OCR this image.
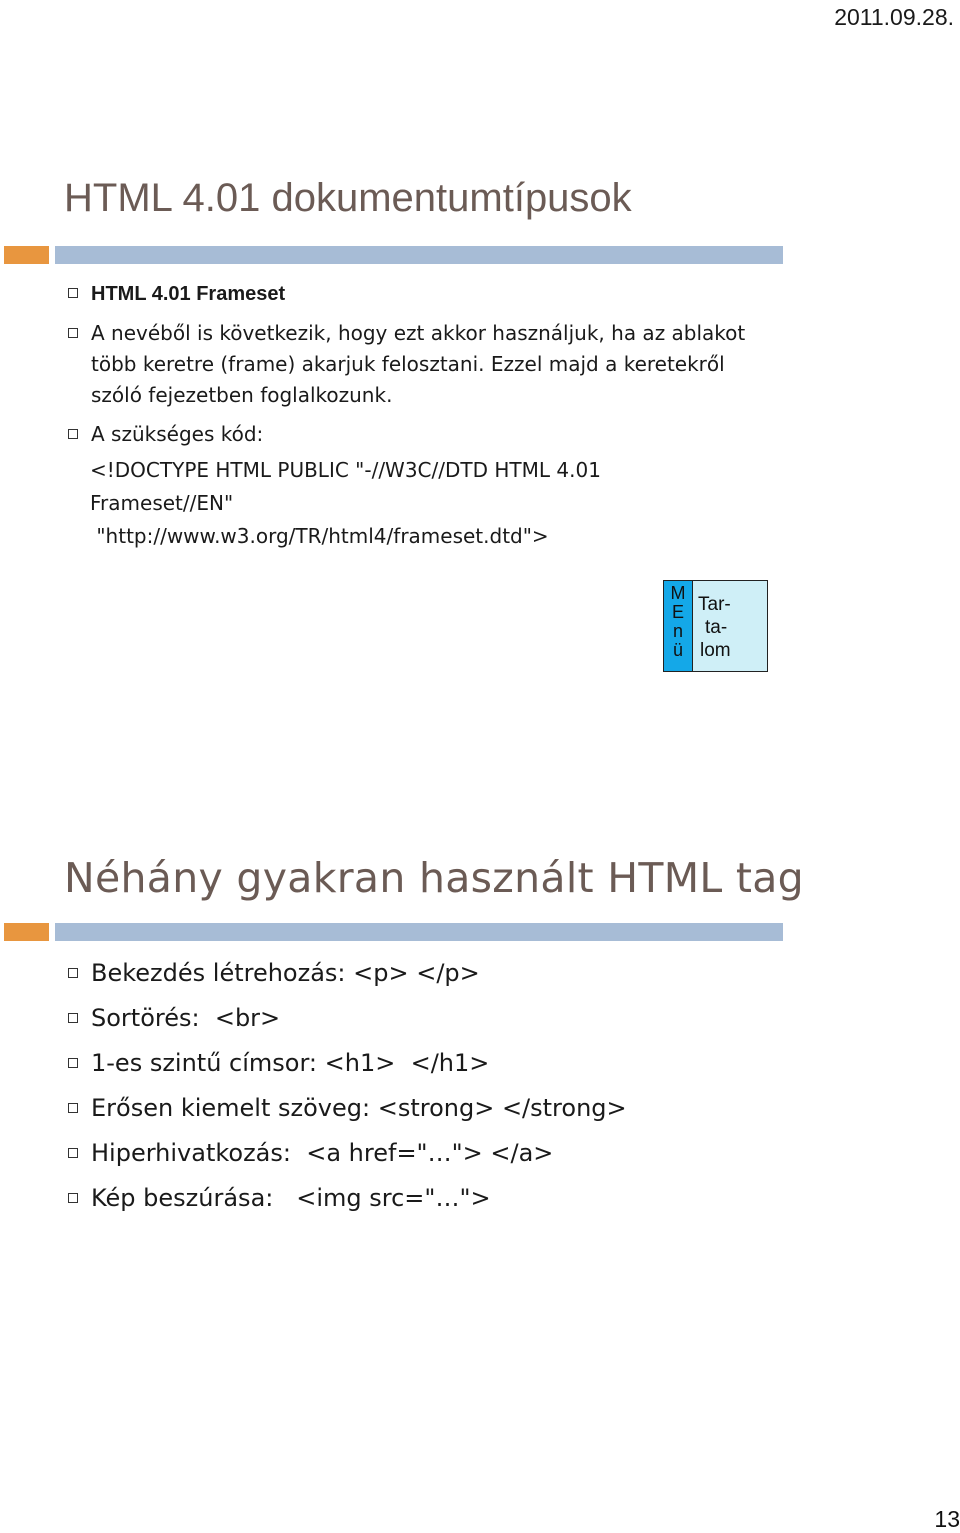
2011.09.28.
HTML 4.01 dokumentumtípusok
HTML 4.01 Frameset
A nevéből is következik, hogy ezt akkor használjuk, ha az ablakot több keretre (frame) akarjuk felosztani. Ezzel majd a keretekről szóló fejezetben foglalkozunk.
A szükséges kód:
<!DOCTYPE HTML PUBLIC "-//W3C//DTD HTML 4.01
Frameset//EN"
"http://www.w3.org/TR/html4/frameset.dtd">
M
E
n
ü
Tar-
ta-
lom
Néhány gyakran használt HTML tag
Bekezdés létrehozás: <p> </p>
Sortörés:  <br>
1-es szintű címsor: <h1>  </h1>
Erősen kiemelt szöveg: <strong> </strong>
Hiperhivatkozás:  <a href="…"> </a>
Kép beszúrása:   <img src="…">
13
